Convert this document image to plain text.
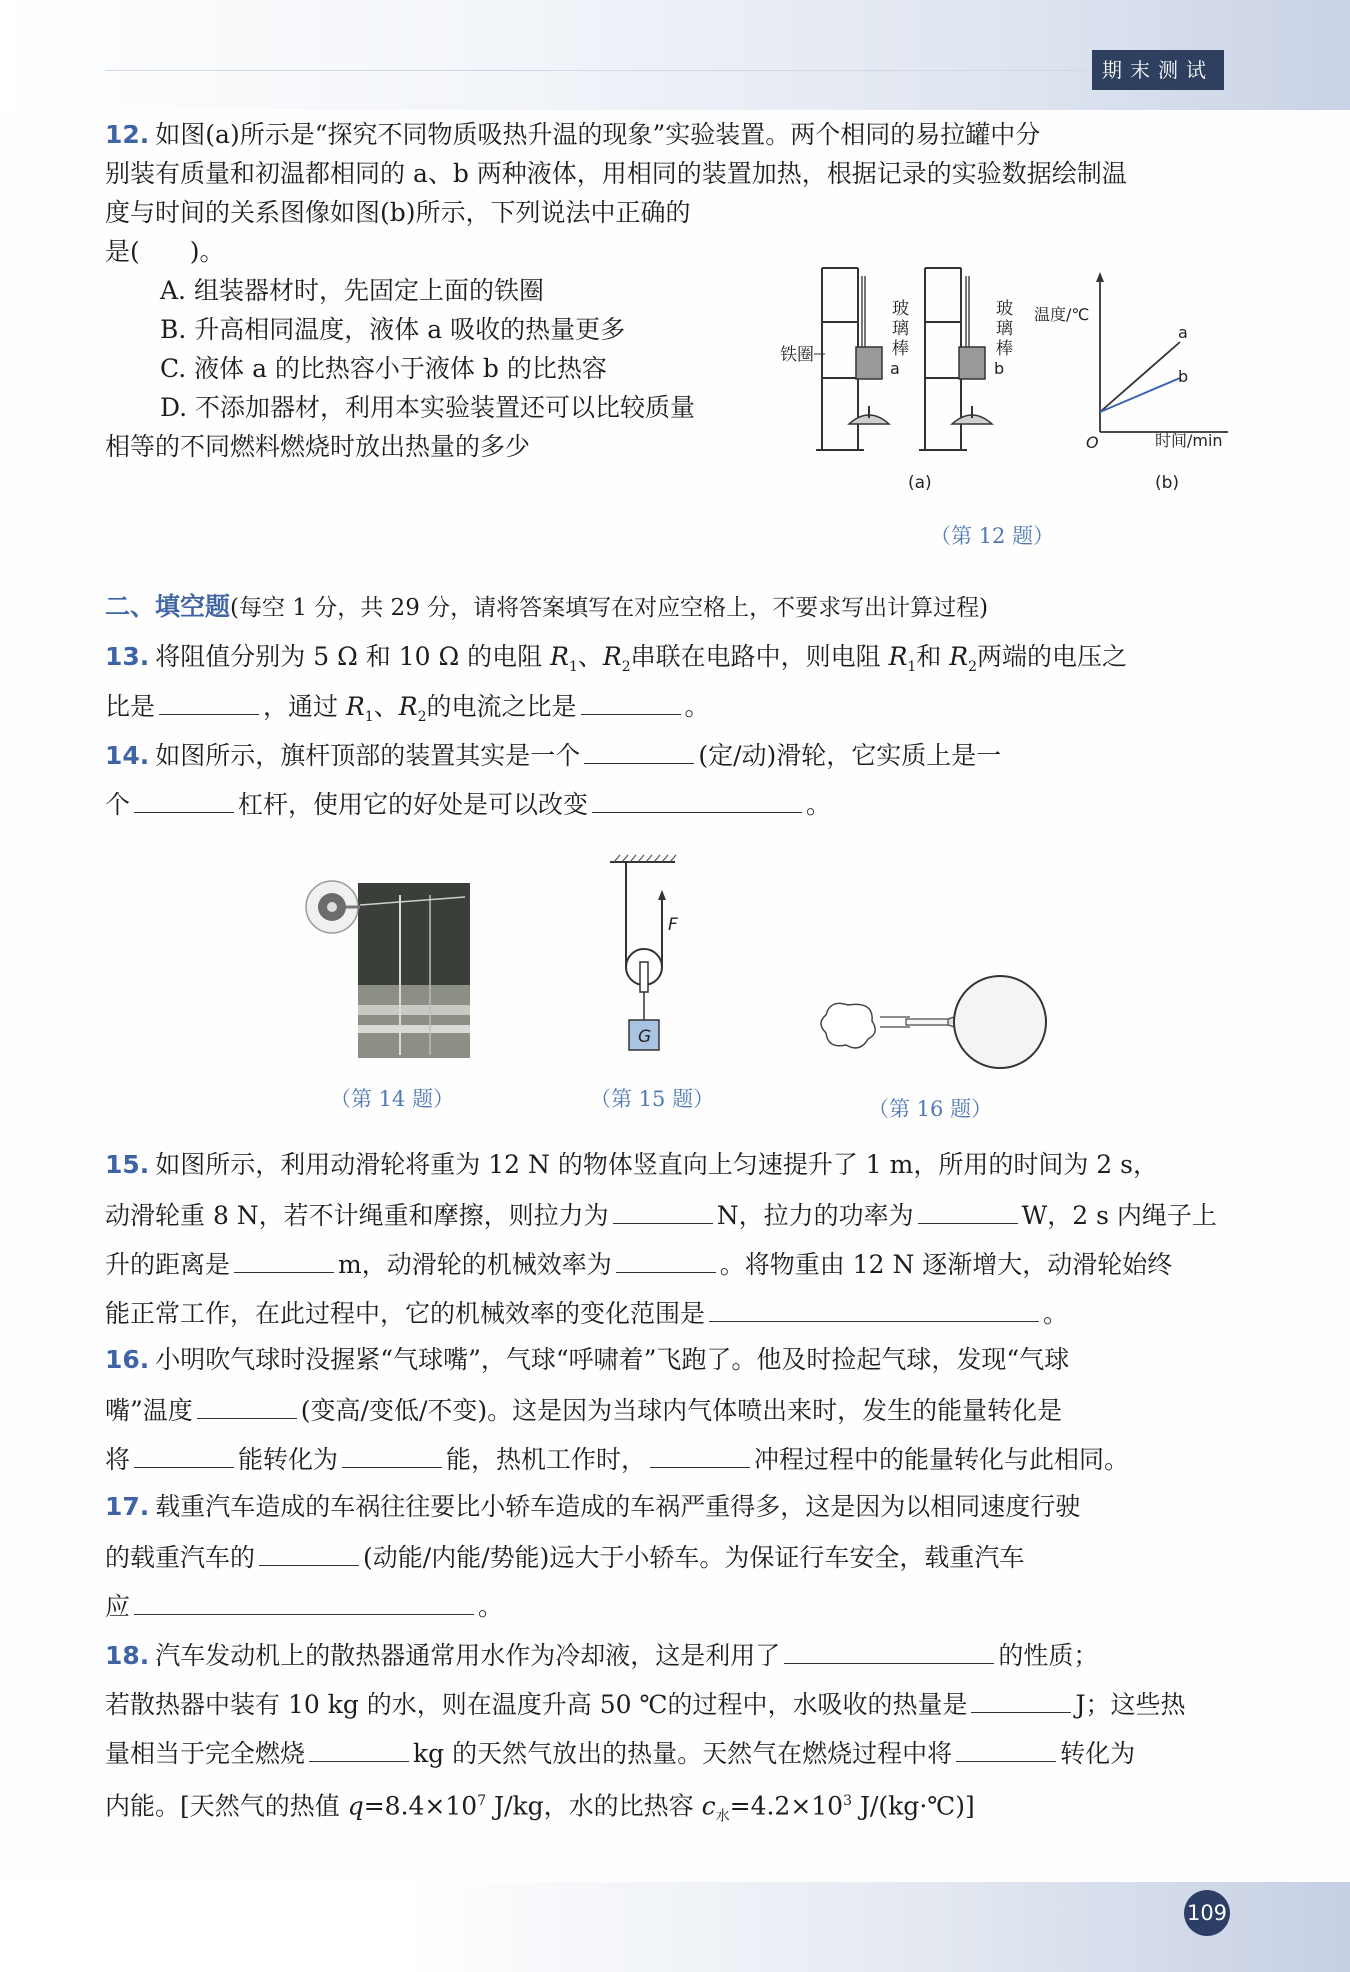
期末测试
12. 如图(a)所示是“探究不同物质吸热升温的现象”实验装置。两个相同的易拉罐中分
别装有质量和初温都相同的 a、b 两种液体，用相同的装置加热，根据记录的实验数据绘制温
度与时间的关系图像如图(b)所示，下列说法中正确的
是(　　)。
A. 组装器材时，先固定上面的铁圈
B. 升高相同温度，液体 a 吸收的热量更多
C. 液体 a 的比热容小于液体 b 的比热容
D. 不添加器材，利用本实验装置还可以比较质量
相等的不同燃料燃烧时放出热量的多少
铁圈
玻
璃
棒
a
玻
璃
棒
b
(a)
温度/℃
时间/min
O
a
b
(b)
（第 12 题）
二、填空题(每空 1 分，共 29 分，请将答案填写在对应空格上，不要求写出计算过程)
13. 将阻值分别为 5 Ω 和 10 Ω 的电阻 $R_1$、$R_2$串联在电路中，则电阻 $R_1$和 $R_2$两端的电压之
比是	，通过 $R_1$、$R_2$的电流之比是	。
14. 如图所示，旗杆顶部的装置其实是一个	(定/动)滑轮，它实质上是一
个	杠杆，使用它的好处是可以改变	。
（第 14 题）
F
G
（第 15 题）	（第 16 题）
15. 如图所示，利用动滑轮将重为 12 N 的物体竖直向上匀速提升了 1 m，所用的时间为 2 s，
动滑轮重 8 N，若不计绳重和摩擦，则拉力为	N，拉力的功率为	W，2 s 内绳子上
升的距离是	m，动滑轮的机械效率为	。将物重由 12 N 逐渐增大，动滑轮始终
能正常工作，在此过程中，它的机械效率的变化范围是	。
16. 小明吹气球时没握紧“气球嘴”，气球“呼啸着”飞跑了。他及时捡起气球，发现“气球
嘴”温度	(变高/变低/不变)。这是因为当球内气体喷出来时，发生的能量转化是
将	能转化为	能，热机工作时，	冲程过程中的能量转化与此相同。
17. 载重汽车造成的车祸往往要比小轿车造成的车祸严重得多，这是因为以相同速度行驶
的载重汽车的	(动能/内能/势能)远大于小轿车。为保证行车安全，载重汽车
应	。
18. 汽车发动机上的散热器通常用水作为冷却液，这是利用了	的性质；
若散热器中装有 10 kg 的水，则在温度升高 50 ℃的过程中，水吸收的热量是	J；这些热
量相当于完全燃烧	kg 的天然气放出的热量。天然气在燃烧过程中将	转化为
内能。[天然气的热值 $q=8.4\times 10^7$ J/kg，水的比热容 $c_水=4.2\times 10^3$ J/(kg·℃)]
109
